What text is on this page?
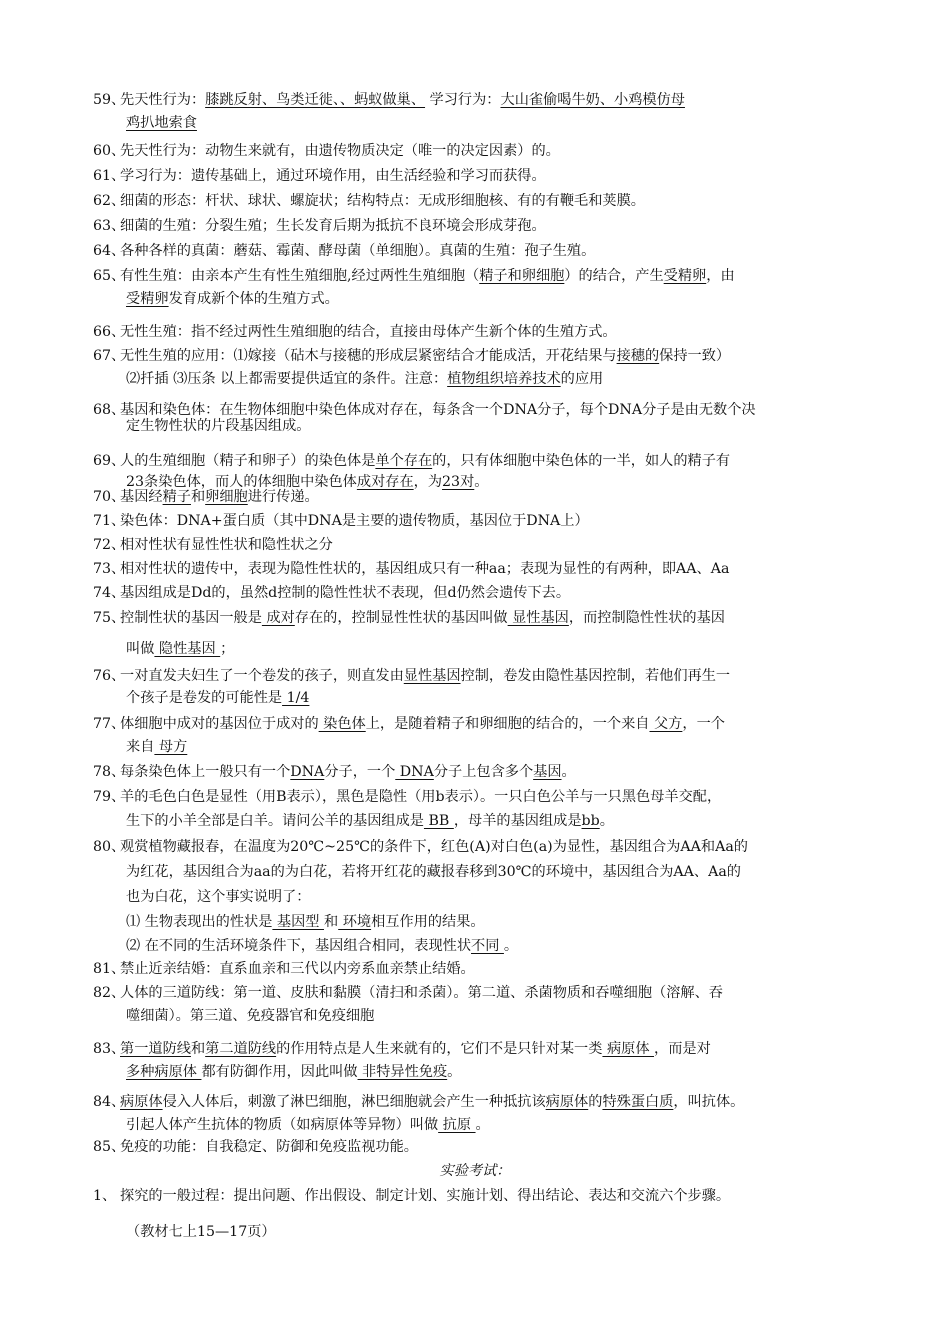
59、
先天性行为：膝跳反射、鸟类迁徙、、蚂蚁做巢、 学习行为：大山雀偷喝牛奶、小鸡模仿母
鸡扒地索食
60、
先天性行为：动物生来就有，由遗传物质决定（唯一的决定因素）的。
61、
学习行为：遗传基础上，通过环境作用，由生活经验和学习而获得。
62、
细菌的形态：杆状、球状、螺旋状；结构特点：无成形细胞核、有的有鞭毛和荚膜。
63、
细菌的生殖：分裂生殖；生长发育后期为抵抗不良环境会形成芽孢。
64、
各种各样的真菌：蘑菇、霉菌、酵母菌（单细胞）。真菌的生殖：孢子生殖。
65、
有性生殖：由亲本产生有性生殖细胞,经过两性生殖细胞（精子和卵细胞）的结合，产生受精卵，由
受精卵发育成新个体的生殖方式。
66、
无性生殖：指不经过两性生殖细胞的结合，直接由母体产生新个体的生殖方式。
67、
无性生殖的应用：⑴嫁接（砧木与接穗的形成层紧密结合才能成活，开花结果与接穗的保持一致）
⑵扦插 ⑶压条 以上都需要提供适宜的条件。注意：植物组织培养技术的应用
68、
基因和染色体：在生物体细胞中染色体成对存在，每条含一个DNA分子，每个DNA分子是由无数个决
定生物性状的片段基因组成。
69、
人的生殖细胞（精子和卵子）的染色体是单个存在的，只有体细胞中染色体的一半，如人的精子有
23条染色体，而人的体细胞中染色体成对存在，为23对。
70、
基因经精子和卵细胞进行传递。
71、
染色体：DNA+蛋白质（其中DNA是主要的遗传物质，基因位于DNA上）
72、
相对性状有显性性状和隐性状之分
73、
相对性状的遗传中，表现为隐性性状的，基因组成只有一种aa；表现为显性的有两种，即AA、Aa
74、
基因组成是Dd的，虽然d控制的隐性性状不表现，但d仍然会遗传下去。
75、
控制性状的基因一般是 成对存在的，控制显性性状的基因叫做 显性基因，而控制隐性性状的基因
叫做 隐性基因 ；
76、
一对直发夫妇生了一个卷发的孩子，则直发由显性基因控制，卷发由隐性基因控制，若他们再生一
个孩子是卷发的可能性是 1/4
77、
体细胞中成对的基因位于成对的 染色体上，是随着精子和卵细胞的结合的，一个来自 父方，一个
来自 母方
78、
每条染色体上一般只有一个DNA分子，一个 DNA分子上包含多个基因。
79、
羊的毛色白色是显性（用B表示），黑色是隐性（用b表示）。一只白色公羊与一只黑色母羊交配，
生下的小羊全部是白羊。请问公羊的基因组成是 BB ，母羊的基因组成是bb。
80、
观赏植物藏报春，在温度为20℃~25℃的条件下，红色(A)对白色(a)为显性，基因组合为AA和Aa的
为红花，基因组合为aa的为白花，若将开红花的藏报春移到30℃的环境中，基因组合为AA、Aa的
也为白花，这个事实说明了：
⑴ 生物表现出的性状是 基因型 和 环境相互作用的结果。
⑵ 在不同的生活环境条件下，基因组合相同，表现性状不同 。
81、
禁止近亲结婚：直系血亲和三代以内旁系血亲禁止结婚。
82、
人体的三道防线：第一道、皮肤和黏膜（清扫和杀菌）。第二道、杀菌物质和吞噬细胞（溶解、吞
噬细菌）。第三道、免疫器官和免疫细胞
83、
第一道防线和第二道防线的作用特点是人生来就有的，它们不是只针对某一类 病原体 ，而是对
多种病原体 都有防御作用，因此叫做 非特异性免疫。
84、
病原体侵入人体后，刺激了淋巴细胞，淋巴细胞就会产生一种抵抗该病原体的特殊蛋白质，叫抗体。
引起人体产生抗体的物质（如病原体等异物）叫做 抗原 。
85、
免疫的功能：自我稳定、防御和免疫监视功能。
实验考试：
1、 探究的一般过程：提出问题、作出假设、制定计划、实施计划、得出结论、表达和交流六个步骤。
（教材七上15—17页）
